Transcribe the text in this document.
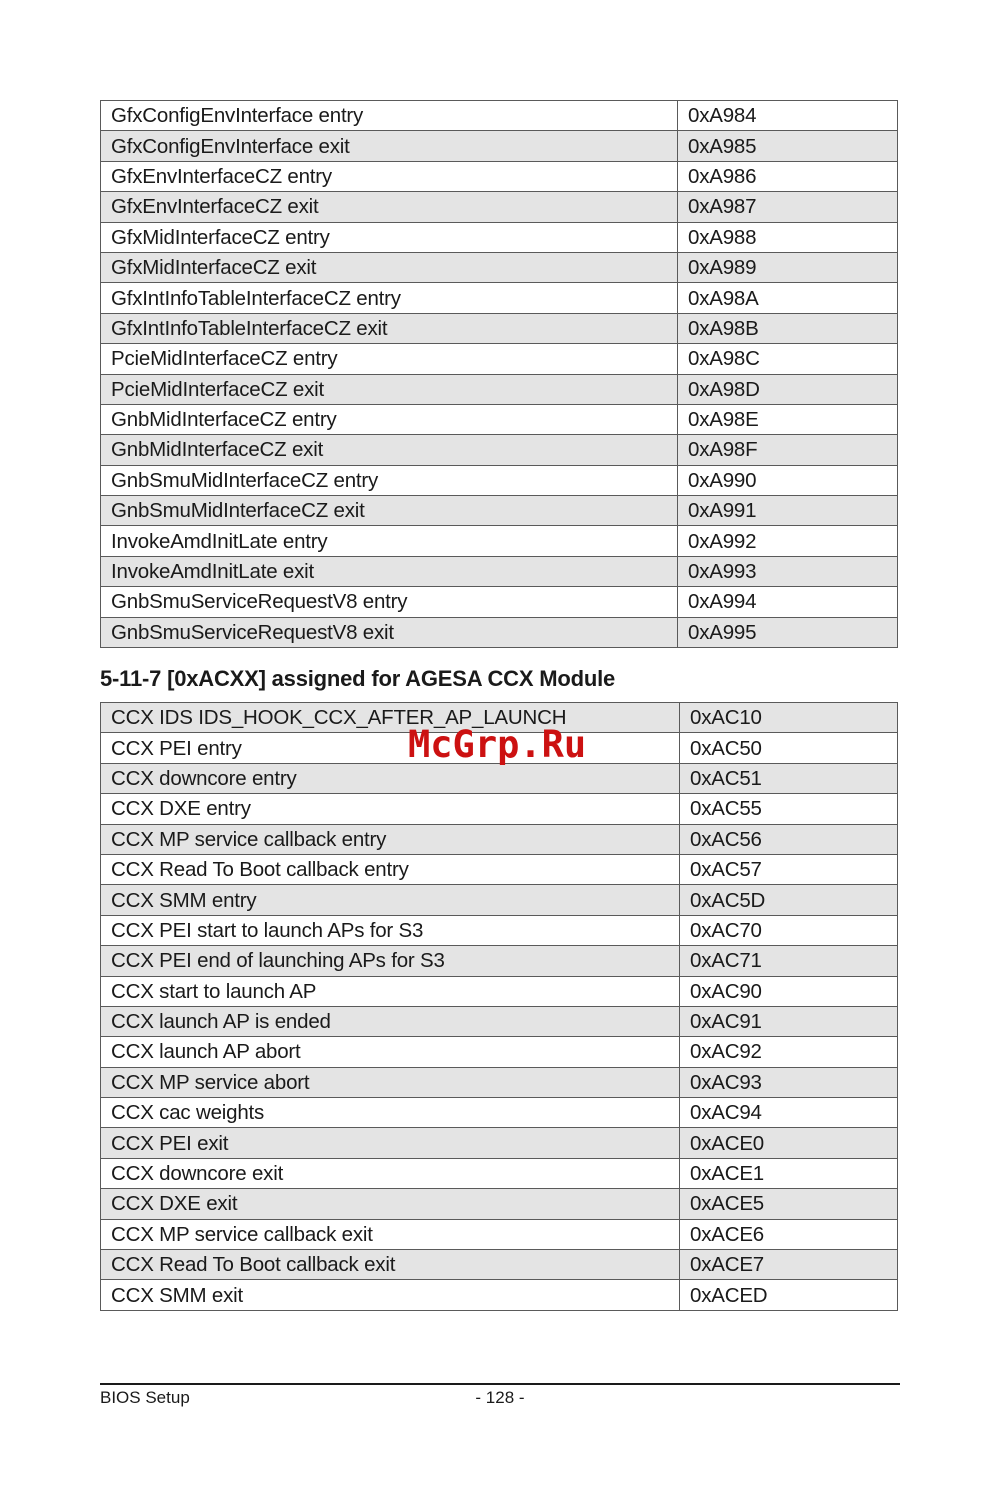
GfxConfigEnvInterface entry	0xA984
GfxConfigEnvInterface exit	0xA985
GfxEnvInterfaceCZ entry	0xA986
GfxEnvInterfaceCZ exit	0xA987
GfxMidInterfaceCZ entry	0xA988
GfxMidInterfaceCZ exit	0xA989
GfxIntInfoTableInterfaceCZ entry	0xA98A
GfxIntInfoTableInterfaceCZ exit	0xA98B
PcieMidInterfaceCZ entry	0xA98C
PcieMidInterfaceCZ exit	0xA98D
GnbMidInterfaceCZ entry	0xA98E
GnbMidInterfaceCZ exit	0xA98F
GnbSmuMidInterfaceCZ entry	0xA990
GnbSmuMidInterfaceCZ exit	0xA991
InvokeAmdInitLate entry	0xA992
InvokeAmdInitLate exit	0xA993
GnbSmuServiceRequestV8 entry	0xA994
GnbSmuServiceRequestV8 exit	0xA995
5-11-7 [0xACXX] assigned for AGESA CCX Module
CCX IDS IDS_HOOK_CCX_AFTER_AP_LAUNCH	0xAC10
CCX PEI entry	0xAC50
CCX downcore entry	0xAC51
CCX DXE entry	0xAC55
CCX MP service callback entry	0xAC56
CCX Read To Boot callback entry	0xAC57
CCX SMM entry	0xAC5D
CCX PEI start to launch APs for S3	0xAC70
CCX PEI end of launching APs for S3	0xAC71
CCX start to launch AP	0xAC90
CCX launch AP is ended	0xAC91
CCX launch AP abort	0xAC92
CCX MP service abort	0xAC93
CCX cac weights	0xAC94
CCX PEI exit	0xACE0
CCX downcore exit	0xACE1
CCX DXE exit	0xACE5
CCX MP service callback exit	0xACE6
CCX Read To Boot callback exit	0xACE7
CCX SMM exit	0xACED
McGrp.Ru
BIOS Setup	- 128 -
